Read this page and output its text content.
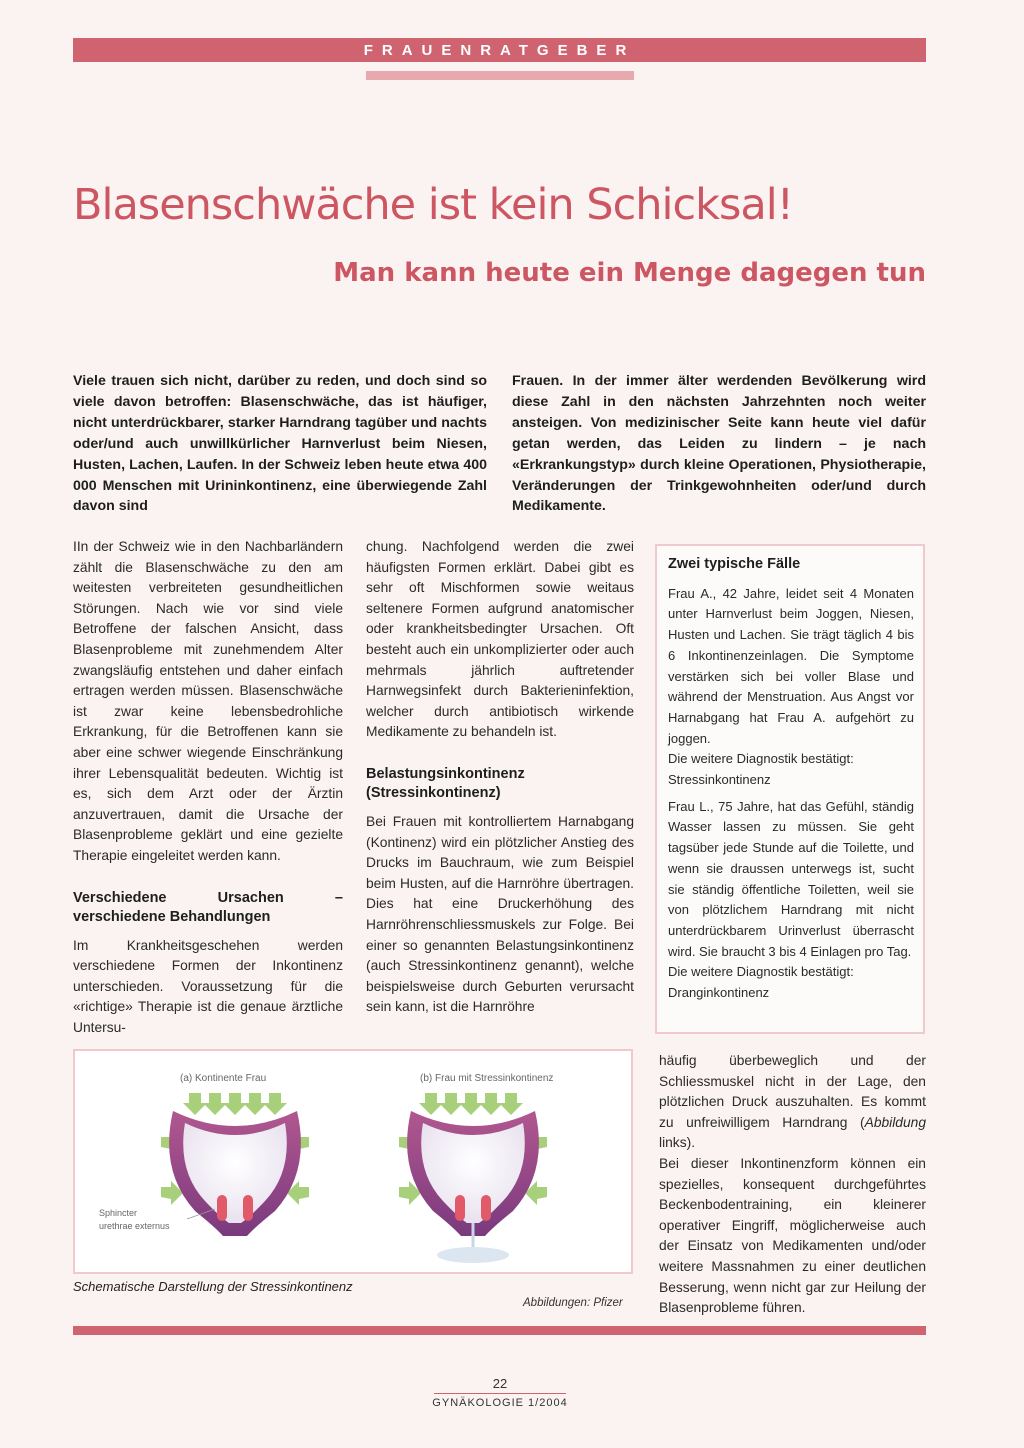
FRAUENRATGEBER
Blasenschwäche ist kein Schicksal!
Man kann heute ein Menge dagegen tun
Viele trauen sich nicht, darüber zu reden, und doch sind so viele davon betroffen: Blasenschwäche, das ist häufiger, nicht unterdrückbarer, starker Harndrang tagüber und nachts oder/und auch unwillkürlicher Harnverlust beim Niesen, Husten, Lachen, Laufen. In der Schweiz leben heute etwa 400 000 Menschen mit Urininkontinenz, eine überwiegende Zahl davon sind
Frauen. In der immer älter werdenden Bevölkerung wird diese Zahl in den nächsten Jahrzehnten noch weiter ansteigen. Von medizinischer Seite kann heute viel dafür getan werden, das Leiden zu lindern – je nach «Erkrankungstyp» durch kleine Operationen, Physiotherapie, Veränderungen der Trinkgewohnheiten oder/und durch Medikamente.

IIn der Schweiz wie in den Nachbarländern zählt die Blasenschwäche zu den am weitesten verbreiteten gesundheitlichen Störungen. Nach wie vor sind viele Betroffene der falschen Ansicht, dass Blasenprobleme mit zunehmendem Alter zwangsläufig entstehen und daher einfach ertragen werden müssen. Blasenschwäche ist zwar keine lebensbedrohliche Erkrankung, für die Betroffenen kann sie aber eine schwer wiegende Einschränkung ihrer Lebensqualität bedeuten. Wichtig ist es, sich dem Arzt oder der Ärztin anzuvertrauen, damit die Ursache der Blasenprobleme geklärt und eine gezielte Therapie eingeleitet werden kann.

Verschiedene Ursachen – verschiedene Behandlungen

Im Krankheitsgeschehen werden verschiedene Formen der Inkontinenz unterschieden. Voraussetzung für die «richtige» Therapie ist die genaue ärztliche Untersu-

chung. Nachfolgend werden die zwei häufigsten Formen erklärt. Dabei gibt es sehr oft Mischformen sowie weitaus seltenere Formen aufgrund anatomischer oder krankheitsbedingter Ursachen. Oft besteht auch ein unkomplizierter oder auch mehrmals jährlich auftretender Harnwegsinfekt durch Bakterieninfektion, welcher durch antibiotisch wirkende Medikamente zu behandeln ist.

Belastungsinkontinenz (Stressinkontinenz)

Bei Frauen mit kontrolliertem Harnabgang (Kontinenz) wird ein plötzlicher Anstieg des Drucks im Bauchraum, wie zum Beispiel beim Husten, auf die Harnröhre übertragen. Dies hat eine Druckerhöhung des Harnröhrenschliessmuskels zur Folge. Bei einer so genannten Belastungsinkontinenz (auch Stressinkontinenz genannt), welche beispielsweise durch Geburten verursacht sein kann, ist die Harnröhre

Zwei typische Fälle

Frau A., 42 Jahre, leidet seit 4 Monaten unter Harnverlust beim Joggen, Niesen, Husten und Lachen. Sie trägt täglich 4 bis 6 Inkontinenzeinlagen. Die Symptome verstärken sich bei voller Blase und während der Menstruation. Aus Angst vor Harnabgang hat Frau A. aufgehört zu joggen.

Die weitere Diagnostik bestätigt:

Stressinkontinenz

Frau L., 75 Jahre, hat das Gefühl, ständig Wasser lassen zu müssen. Sie geht tagsüber jede Stunde auf die Toilette, und wenn sie draussen unterwegs ist, sucht sie ständig öffentliche Toiletten, weil sie von plötzlichem Harndrang mit nicht unterdrückbarem Urinverlust überrascht wird. Sie braucht 3 bis 4 Einlagen pro Tag.

Die weitere Diagnostik bestätigt:

Dranginkontinenz

(a) Kontinente Frau	(b) Frau mit Stressinkontinenz
Sphincter
urethrae externus
Schematische Darstellung der Stressinkontinenz
Abbildungen: Pfizer

häufig überbeweglich und der Schliessmuskel nicht in der Lage, den plötzlichen Druck auszuhalten. Es kommt zu unfreiwilligem Harndrang (Abbildung links).

Bei dieser Inkontinenzform können ein spezielles, konsequent durchgeführtes Beckenbodentraining, ein kleinerer operativer Eingriff, möglicherweise auch der Einsatz von Medikamenten und/oder weitere Massnahmen zu einer deutlichen Besserung, wenn nicht gar zur Heilung der Blasenprobleme führen.

22
GYNÄKOLOGIE 1/2004
